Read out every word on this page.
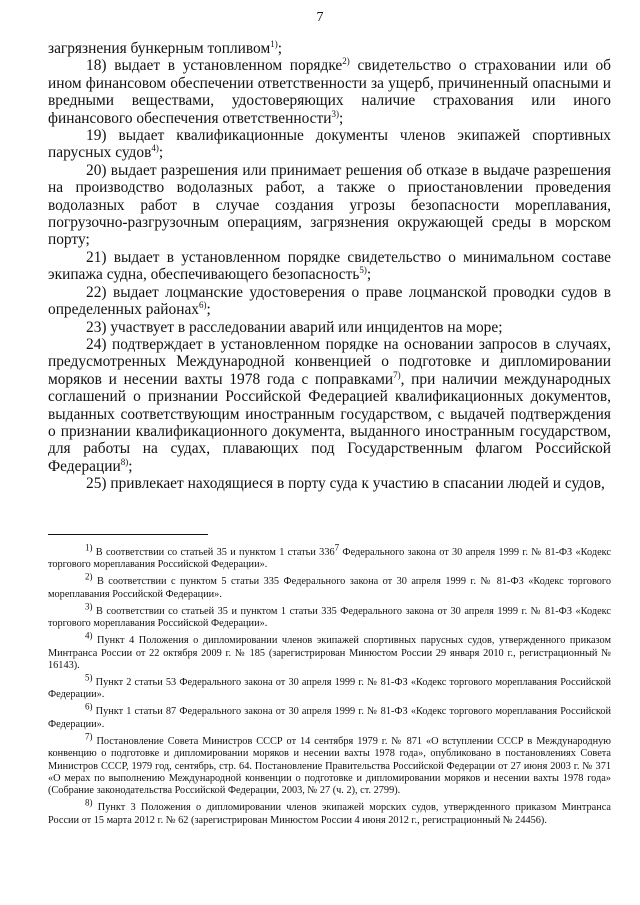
7

загрязнения бункерным топливом$^{1)}$;

18) выдает в установленном порядке$^{2)}$ свидетельство о страховании или об ином финансовом обеспечении ответственности за ущерб, причиненный опасными и вредными веществами, удостоверяющих наличие страхования или иного финансового обеспечения ответственности$^{3)}$;

19) выдает квалификационные документы членов экипажей спортивных парусных судов$^{4)}$;

20) выдает разрешения или принимает решения об отказе в выдаче разрешения на производство водолазных работ, а также о приостановлении проведения водолазных работ в случае создания угрозы безопасности мореплавания, погрузочно-разгрузочным операциям, загрязнения окружающей среды в морском порту;

21) выдает в установленном порядке свидетельство о минимальном составе экипажа судна, обеспечивающего безопасность$^{5)}$;

22) выдает лоцманские удостоверения о праве лоцманской проводки судов в определенных районах$^{6)}$;

23) участвует в расследовании аварий или инцидентов на море;

24) подтверждает в установленном порядке на основании запросов в случаях, предусмотренных Международной конвенцией о подготовке и дипломировании моряков и несении вахты 1978 года с поправками$^{7)}$, при наличии международных соглашений о признании Российской Федерацией квалификационных документов, выданных соответствующим иностранным государством, с выдачей подтверждения о признании квалификационного документа, выданного иностранным государством, для работы на судах, плавающих под Государственным флагом Российской Федерации$^{8)}$;

25) привлекает находящиеся в порту суда к участию в спасании людей и судов,

$^{1)}$ В соответствии со статьей 35 и пунктом 1 статьи $336^7$ Федерального закона от 30 апреля 1999 г. № 81-ФЗ «Кодекс торгового мореплавания Российской Федерации».

$^{2)}$ В соответствии с пунктом 5 статьи 335 Федерального закона от 30 апреля 1999 г. № 81-ФЗ «Кодекс торгового мореплавания Российской Федерации».

$^{3)}$ В соответствии со статьей 35 и пунктом 1 статьи 335 Федерального закона от 30 апреля 1999 г. № 81-ФЗ «Кодекс торгового мореплавания Российской Федерации».

$^{4)}$ Пункт 4 Положения о дипломировании членов экипажей спортивных парусных судов, утвержденного приказом Минтранса России от 22 октября 2009 г. № 185 (зарегистрирован Минюстом России 29 января 2010 г., регистрационный № 16143).

$^{5)}$ Пункт 2 статьи 53 Федерального закона от 30 апреля 1999 г. № 81-ФЗ «Кодекс торгового мореплавания Российской Федерации».

$^{6)}$ Пункт 1 статьи 87 Федерального закона от 30 апреля 1999 г. № 81-ФЗ «Кодекс торгового мореплавания Российской Федерации».

$^{7)}$ Постановление Совета Министров СССР от 14 сентября 1979 г. № 871 «О вступлении СССР в Международную конвенцию о подготовке и дипломировании моряков и несении вахты 1978 года», опубликовано в постановлениях Совета Министров СССР, 1979 год, сентябрь, стр. 64. Постановление Правительства Российской Федерации от 27 июня 2003 г. № 371 «О мерах по выполнению Международной конвенции о подготовке и дипломировании моряков и несении вахты 1978 года» (Собрание законодательства Российской Федерации, 2003, № 27 (ч. 2), ст. 2799).

$^{8)}$ Пункт 3 Положения о дипломировании членов экипажей морских судов, утвержденного приказом Минтранса России от 15 марта 2012 г. № 62 (зарегистрирован Минюстом России 4 июня 2012 г., регистрационный № 24456).
